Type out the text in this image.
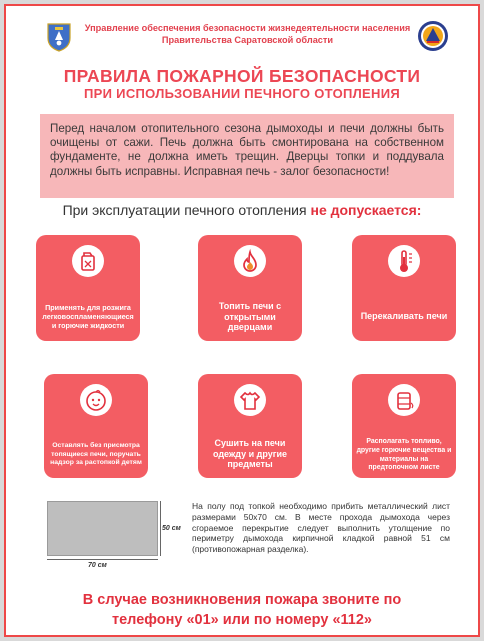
Управление обеспечения безопасности жизнедеятельности населения
Правительства Саратовской области
ПРАВИЛА ПОЖАРНОЙ БЕЗОПАСНОСТИ
ПРИ ИСПОЛЬЗОВАНИИ ПЕЧНОГО ОТОПЛЕНИЯ
Перед началом отопительного сезона дымоходы и печи должны быть очищены от сажи. Печь должна быть смонтирована на собственном фундаменте, не должна иметь трещин. Дверцы топки и поддувала должны быть исправны. Исправная печь - залог безопасности!
При эксплуатации печного отопления не допускается:
Применять для розжига легковоспламеняющиеся и горючие жидкости
Топить печи с открытыми дверцами
Перекаливать печи
Оставлять без присмотра топящиеся печи, поручать надзор за растопкой детям
Сушить на печи одежду и другие предметы
Располагать топливо, другие горючие вещества и материалы на предтопочном листе
50 см
70 см
На полу под топкой необходимо прибить металлический лист размерами 50x70 см. В месте прохода дымохода через сгораемое перекрытие следует выполнить утолщение по периметру дымохода кирпичной кладкой равной 51 см (противопожарная разделка).
В случае возникновения пожара звоните по
телефону «01» или по номеру «112»
